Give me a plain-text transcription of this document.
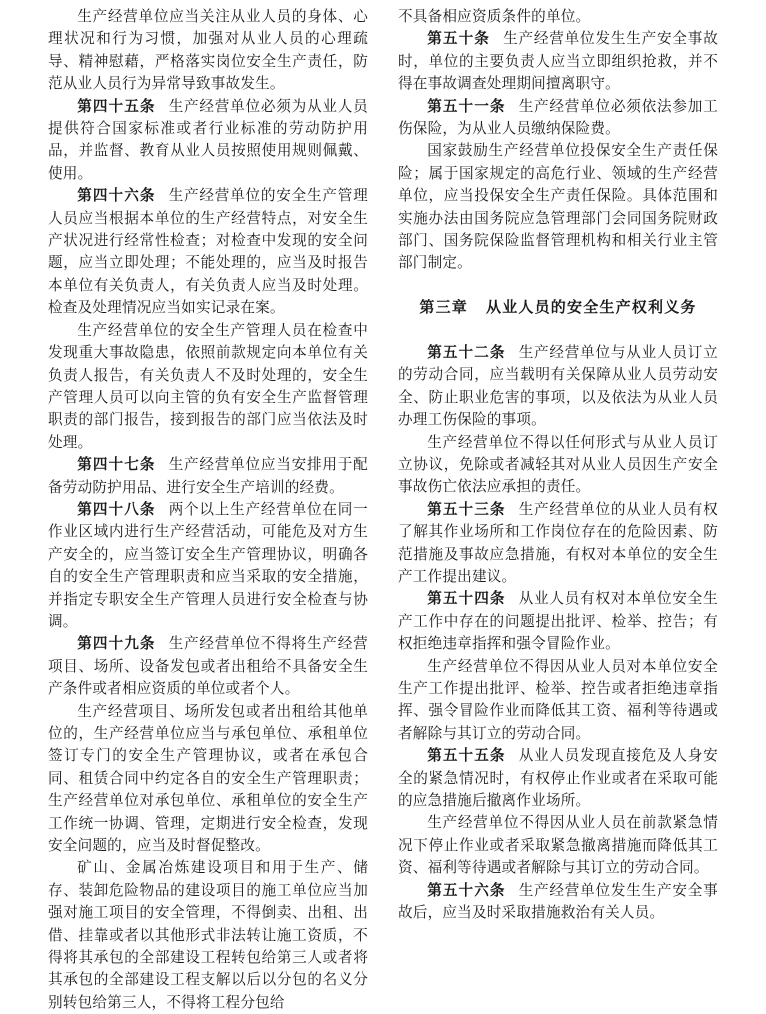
生产经营单位应当关注从业人员的身体、心理状况和行为习惯，加强对从业人员的心理疏导、精神慰藉，严格落实岗位安全生产责任，防范从业人员行为异常导致事故发生。

第四十五条 生产经营单位必须为从业人员提供符合国家标准或者行业标准的劳动防护用品，并监督、教育从业人员按照使用规则佩戴、使用。

第四十六条 生产经营单位的安全生产管理人员应当根据本单位的生产经营特点，对安全生产状况进行经常性检查；对检查中发现的安全问题，应当立即处理；不能处理的，应当及时报告本单位有关负责人，有关负责人应当及时处理。检查及处理情况应当如实记录在案。

生产经营单位的安全生产管理人员在检查中发现重大事故隐患，依照前款规定向本单位有关负责人报告，有关负责人不及时处理的，安全生产管理人员可以向主管的负有安全生产监督管理职责的部门报告，接到报告的部门应当依法及时处理。

第四十七条 生产经营单位应当安排用于配备劳动防护用品、进行安全生产培训的经费。

第四十八条 两个以上生产经营单位在同一作业区域内进行生产经营活动，可能危及对方生产安全的，应当签订安全生产管理协议，明确各自的安全生产管理职责和应当采取的安全措施，并指定专职安全生产管理人员进行安全检查与协调。

第四十九条 生产经营单位不得将生产经营项目、场所、设备发包或者出租给不具备安全生产条件或者相应资质的单位或者个人。

生产经营项目、场所发包或者出租给其他单位的，生产经营单位应当与承包单位、承租单位签订专门的安全生产管理协议，或者在承包合同、租赁合同中约定各自的安全生产管理职责；生产经营单位对承包单位、承租单位的安全生产工作统一协调、管理，定期进行安全检查，发现安全问题的，应当及时督促整改。

矿山、金属冶炼建设项目和用于生产、储存、装卸危险物品的建设项目的施工单位应当加强对施工项目的安全管理，不得倒卖、出租、出借、挂靠或者以其他形式非法转让施工资质，不得将其承包的全部建设工程转包给第三人或者将其承包的全部建设工程支解以后以分包的名义分别转包给第三人，不得将工程分包给

不具备相应资质条件的单位。

第五十条 生产经营单位发生生产安全事故时，单位的主要负责人应当立即组织抢救，并不得在事故调查处理期间擅离职守。

第五十一条 生产经营单位必须依法参加工伤保险，为从业人员缴纳保险费。

国家鼓励生产经营单位投保安全生产责任保险；属于国家规定的高危行业、领域的生产经营单位，应当投保安全生产责任保险。具体范围和实施办法由国务院应急管理部门会同国务院财政部门、国务院保险监督管理机构和相关行业主管部门制定。

第三章 从业人员的安全生产权利义务

第五十二条 生产经营单位与从业人员订立的劳动合同，应当载明有关保障从业人员劳动安全、防止职业危害的事项，以及依法为从业人员办理工伤保险的事项。

生产经营单位不得以任何形式与从业人员订立协议，免除或者减轻其对从业人员因生产安全事故伤亡依法应承担的责任。

第五十三条 生产经营单位的从业人员有权了解其作业场所和工作岗位存在的危险因素、防范措施及事故应急措施，有权对本单位的安全生产工作提出建议。

第五十四条 从业人员有权对本单位安全生产工作中存在的问题提出批评、检举、控告；有权拒绝违章指挥和强令冒险作业。

生产经营单位不得因从业人员对本单位安全生产工作提出批评、检举、控告或者拒绝违章指挥、强令冒险作业而降低其工资、福利等待遇或者解除与其订立的劳动合同。

第五十五条 从业人员发现直接危及人身安全的紧急情况时，有权停止作业或者在采取可能的应急措施后撤离作业场所。

生产经营单位不得因从业人员在前款紧急情况下停止作业或者采取紧急撤离措施而降低其工资、福利等待遇或者解除与其订立的劳动合同。

第五十六条 生产经营单位发生生产安全事故后，应当及时采取措施救治有关人员。
